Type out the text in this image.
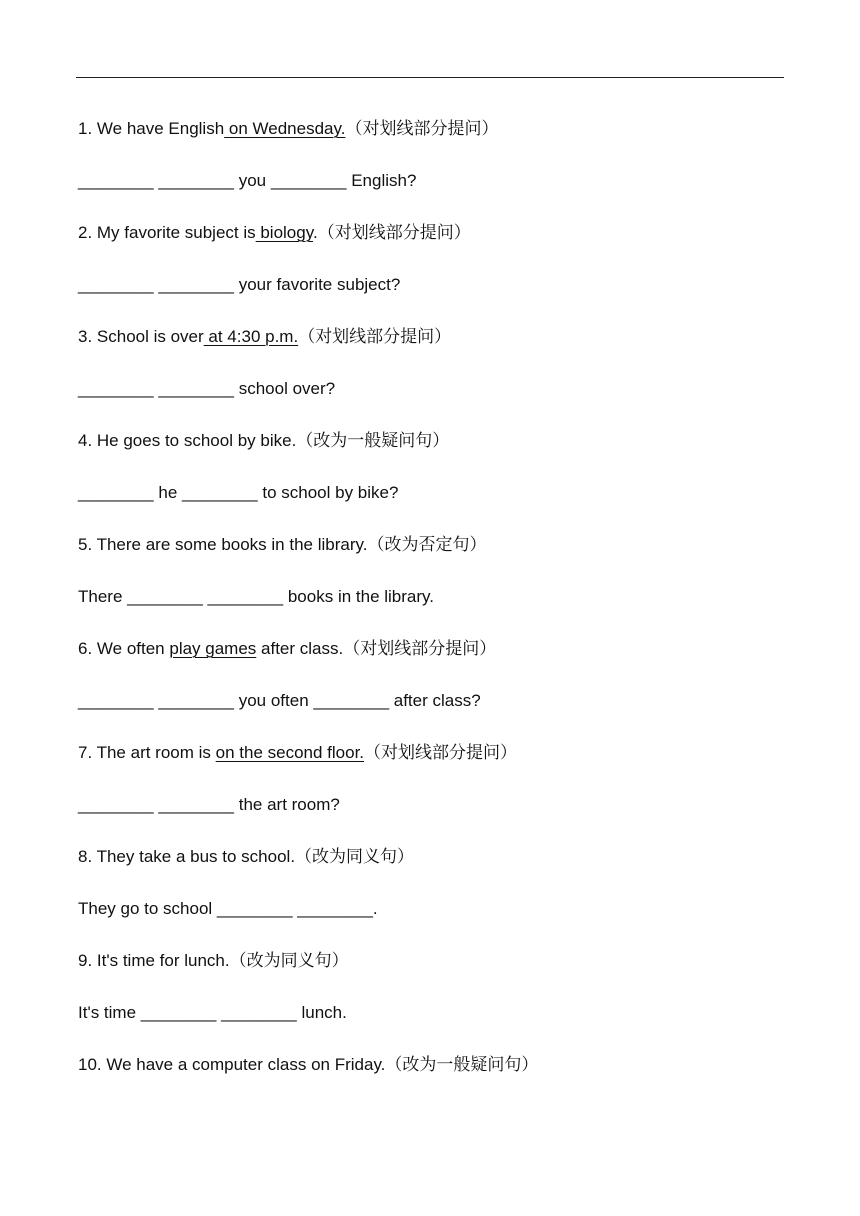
1. We have English on Wednesday.（对划线部分提问）
________ ________ you ________ English?
2. My favorite subject is biology.（对划线部分提问）
________ ________ your favorite subject?
3. School is over at 4:30 p.m.（对划线部分提问）
________ ________ school over?
4. He goes to school by bike.（改为一般疑问句）
________ he ________ to school by bike?
5. There are some books in the library.（改为否定句）
There ________ ________ books in the library.
6. We often play games after class.（对划线部分提问）
________ ________ you often ________ after class?
7. The art room is on the second floor.（对划线部分提问）
________ ________ the art room?
8. They take a bus to school.（改为同义句）
They go to school ________ ________.
9. It's time for lunch.（改为同义句）
It's time ________ ________ lunch.
10. We have a computer class on Friday.（改为一般疑问句）
